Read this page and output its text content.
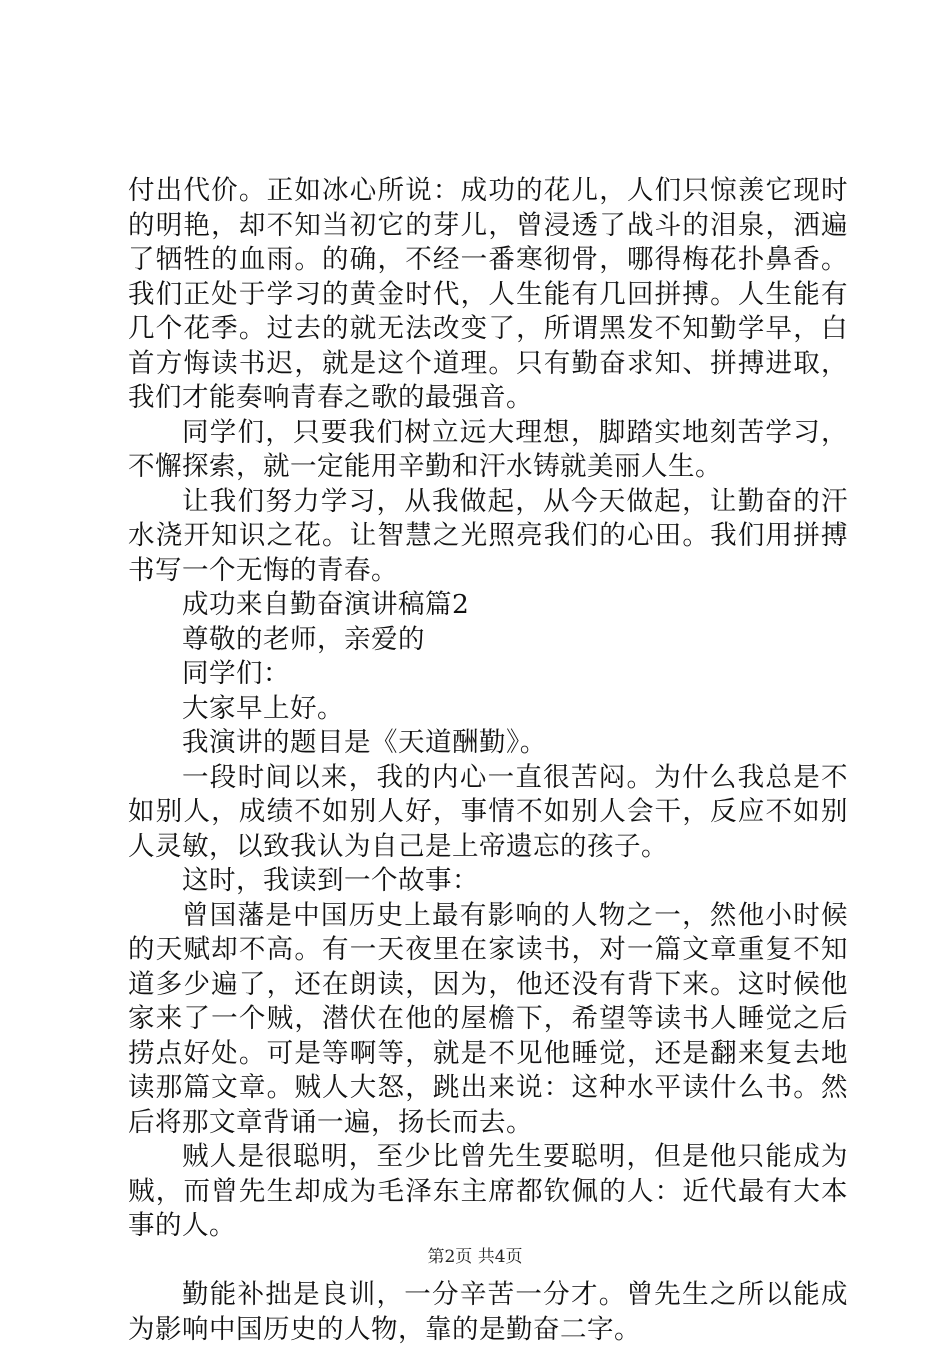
付出代价。正如冰心所说：成功的花儿，人们只惊羡它现时的明艳，却不知当初它的芽儿，曾浸透了战斗的泪泉，洒遍了牺牲的血雨。的确，不经一番寒彻骨，哪得梅花扑鼻香。我们正处于学习的黄金时代，人生能有几回拼搏。人生能有几个花季。过去的就无法改变了，所谓黑发不知勤学早，白首方悔读书迟，就是这个道理。只有勤奋求知、拼搏进取，我们才能奏响青春之歌的最强音。

同学们，只要我们树立远大理想，脚踏实地刻苦学习，不懈探索，就一定能用辛勤和汗水铸就美丽人生。

让我们努力学习，从我做起，从今天做起，让勤奋的汗水浇开知识之花。让智慧之光照亮我们的心田。我们用拼搏书写一个无悔的青春。

成功来自勤奋演讲稿篇2

尊敬的老师，亲爱的

同学们：

大家早上好。

我演讲的题目是《天道酬勤》。

一段时间以来，我的内心一直很苦闷。为什么我总是不如别人，成绩不如别人好，事情不如别人会干，反应不如别人灵敏，以致我认为自己是上帝遗忘的孩子。

这时，我读到一个故事：

曾国藩是中国历史上最有影响的人物之一，然他小时候的天赋却不高。有一天夜里在家读书，对一篇文章重复不知道多少遍了，还在朗读，因为，他还没有背下来。这时候他家来了一个贼，潜伏在他的屋檐下，希望等读书人睡觉之后捞点好处。可是等啊等，就是不见他睡觉，还是翻来复去地读那篇文章。贼人大怒，跳出来说：这种水平读什么书。然后将那文章背诵一遍，扬长而去。

贼人是很聪明，至少比曾先生要聪明，但是他只能成为贼，而曾先生却成为毛泽东主席都钦佩的人：近代最有大本事的人。

勤能补拙是良训，一分辛苦一分才。曾先生之所以能成为影响中国历史的人物，靠的是勤奋二字。

第2页 共4页
